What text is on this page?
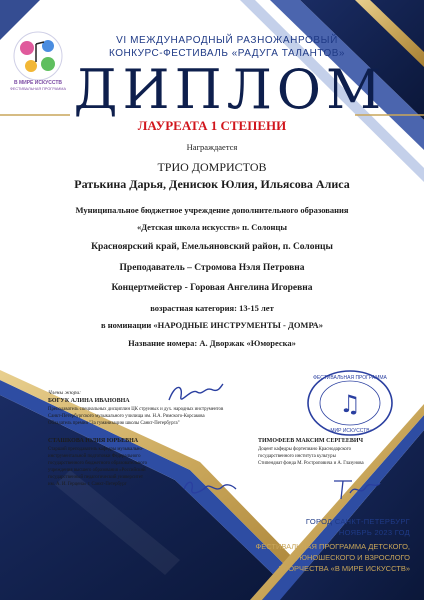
В МИРЕ ИСКУССТВ
ФЕСТИВАЛЬНАЯ ПРОГРАММА
VI МЕЖДУНАРОДНЫЙ РАЗНОЖАНРОВЫЙ
КОНКУРС-ФЕСТИВАЛЬ «РАДУГА ТАЛАНТОВ»
ДИПЛОМ
ЛАУРЕАТА 1 СТЕПЕНИ
Награждается
ТРИО ДОМРИСТОВ
Ратькина Дарья, Денисюк Юлия, Ильясова Алиса
Муниципальное бюджетное учреждение дополнительного образования
«Детская школа искусств» п. Солонцы
Красноярский край, Емельяновский район, п. Солонцы
Преподаватель – Стромова Нэля Петровна
Концертмейстер - Горовая Ангелина Игоревна
возрастная категория: 13-15 лет
в номинации «НАРОДНЫЕ ИНСТРУМЕНТЫ - ДОМРА»
Название номера: А. Дворжак «Юмореска»
Члены жюри:
БОГУК АЛИНА ИВАНОВНА
Преподаватель специальных дисциплин ЦК струнных и дух. народных инструментов
Санкт-Петербургского музыкального училища им. Н.А. Римского-Корсакова
Обладатель премии "За гуманизацию школы Санкт-Петербурга"
СТАШКОВА ЮЛИЯ ЮРЬЕВНА
Старший преподаватель кафедры музыкально-
инструментальной подготовки Федерального
государственного бюджетного образовательного
учреждения высшего образования «Российский
государственный педагогический университет
им. А. И. Герцена» г. Санкт-Петербург
ТИМОФЕЕВ МАКСИМ СЕРГЕЕВИЧ
Доцент кафедры фортепиано Краснодарского
государственного института культуры
Стипендиат фонда М. Ростроповича и А. Глазунова
ФЕСТИВАЛЬНАЯ ПРОГРАММА
«МИР ИСКУССТВ»
♫
ГОРОД САНКТ-ПЕТЕРБУРГ
НОЯБРЬ 2023 ГОД
ФЕСТИВАЛЬНАЯ ПРОГРАММА ДЕТСКОГО,
ЮНОШЕСКОГО И ВЗРОСЛОГО
ТВОРЧЕСТВА «В МИРЕ ИСКУССТВ»
